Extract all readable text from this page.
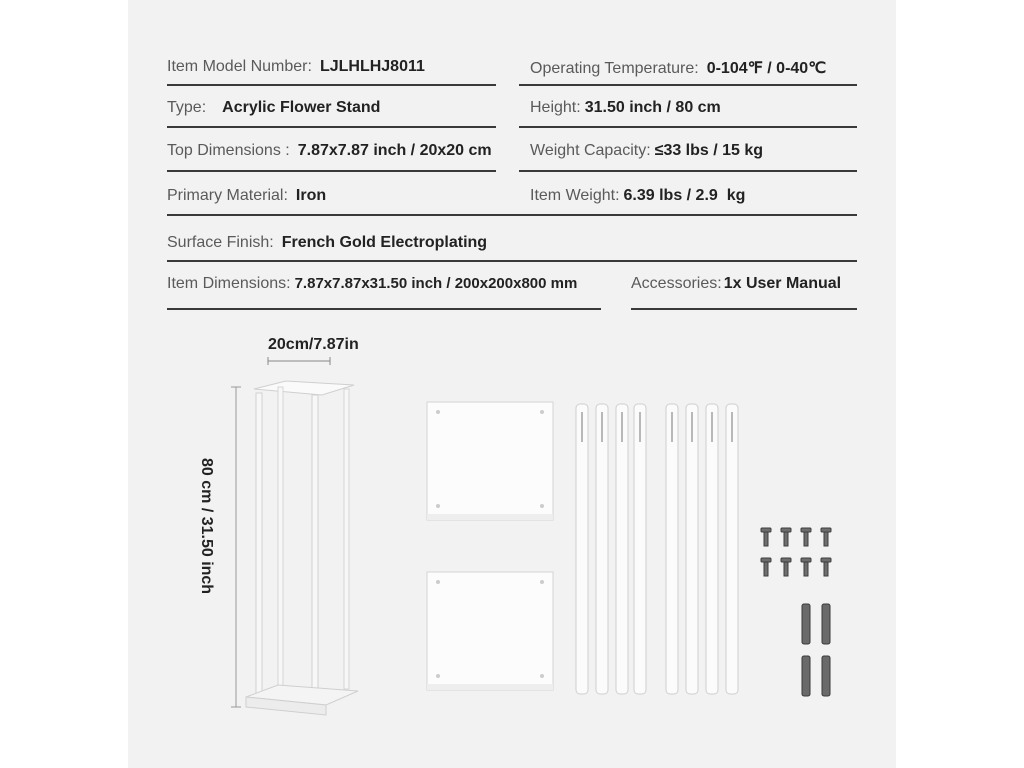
Item Model Number: LJLHLHJ8011	Operating Temperature: 0-104℉ / 0-40℃
Type: Acrylic Flower Stand	Height: 31.50 inch / 80 cm
Top Dimensions : 7.87x7.87 inch / 20x20 cm Weight Capacity: ≤33 lbs / 15 kg
Primary Material: Iron	Item Weight: 6.39 lbs / 2.9  kg
Surface Finish: French Gold Electroplating
Item Dimensions: 7.87x7.87x31.50 inch / 200x200x800 mm	Accessories: 1x User Manual
20cm/7.87in
80 cm / 31.50 inch
